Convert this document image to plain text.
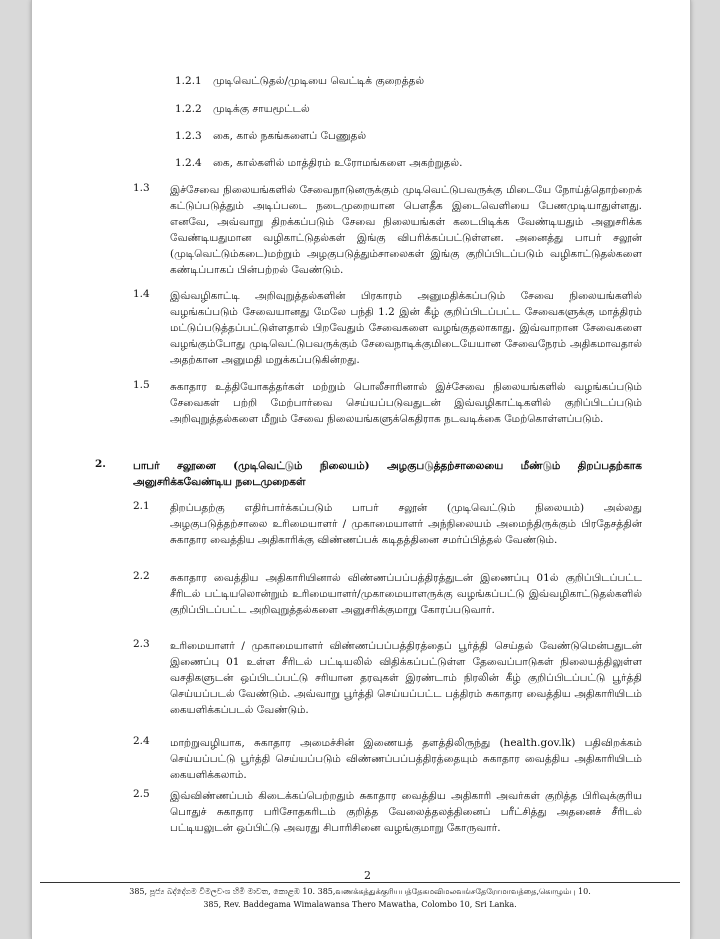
1.2.1 முடிவெட்டுதல்/முடியை வெட்டிக் குறைத்தல்
1.2.2 முடிக்கு சாயமூட்டல்
1.2.3 கை, கால் நகங்களைப் பேணுதல்
1.2.4 கை, கால்களில் மாத்திரம் உரோமங்களை அகற்றுதல்.
1.3 இச்சேவை நிலையங்களில் சேவைநாடுனருக்கும் முடிவெட்டுபவருக்கு மிடையே நோய்த்தொற்றைக் கட்டுப்படுத்தும் அடிப்படை நடைமுறையான பௌதீக இடைவெளியை பேணமுடியாதுள்ளது. எனவே, அவ்வாறு திறக்கப்படும் சேவை நிலையங்கள் கடைபிடிக்க வேண்டியதும் அனுசரிக்க வேண்டியதுமான வழிகாட்டுதல்கள் இங்கு விபரிக்கப்பட்டுள்ளன. அனைத்து பாபர் சலூன் (முடிவெட்டும்கடை)மற்றும் அழகுபடுத்தும்சாலைகள் இங்கு குறிப்பிடப்படும் வழிகாட்டுதல்களை கண்டிப்பாகப் பின்பற்றல் வேண்டும்.

1.4 இவ்வழிகாட்டி அறிவுறுத்தல்களின் பிரகாரம் அனுமதிக்கப்படும் சேவை நிலையங்களில் வழங்கப்படும் சேவையானது மேலே பந்தி 1.2 இன் கீழ் குறிப்பிடப்பட்ட சேவைகளுக்கு மாத்திரம் மட்டுப்படுத்தப்பட்டுள்ளதால் பிறவேதும் சேவைகளை வழங்குதலாகாது. இவ்வாறான சேவைகளை வழங்கும்போது முடிவெட்டுபவருக்கும் சேவைநாடிக்குமிடையேயான சேவைநேரம் அதிகமாவதால் அதற்கான அனுமதி மறுக்கப்படுகின்றது.

1.5 சுகாதார உத்தியோகத்தர்கள் மற்றும் பொலீசாரினால் இச்சேவை நிலையங்களில் வழங்கப்படும் சேவைகள் பற்றி மேற்பார்வை செய்யப்படுவதுடன் இவ்வழிகாட்டிகளில் குறிப்பிடப்படும் அறிவுறுத்தல்களை மீறும் சேவை நிலையங்களுக்கெதிராக நடவடிக்கை மேற்கொள்ளப்படும்.

2.	பாபர் சலூனை (முடிவெட்டும் நிலையம்) அழகுபடுத்தற்சாலையை மீண்டும் திறப்பதற்காக அனுசரிக்கவேண்டிய நடைமுறைகள்

2.1 திறப்பதற்கு எதிர்பார்க்கப்படும் பாபர் சலூன் (முடிவெட்டும் நிலையம்) அல்லது அழகுபடுத்தற்சாலை உரிமையாளர் / முகாமையாளர் அந்நிலையம் அமைந்திருக்கும் பிரதேசத்தின் சுகாதார வைத்திய அதிகாரிக்கு விண்ணப்பக் கடிதத்தினை சமர்ப்பித்தல் வேண்டும்.

2.2 சுகாதார வைத்திய அதிகாரியினால் விண்ணப்பப்பத்திரத்துடன் இணைப்பு 01ல் குறிப்பிடப்பட்ட சீரிடல் பட்டியலொன்றும் உரிமையாளர்/முகாமையாளருக்கு வழங்கப்பட்டு இவ்வழிகாட்டுதல்களில் குறிப்பிடப்பட்ட அறிவுறுத்தல்களை அனுசரிக்குமாறு கோரப்படுவார்.

2.3 உரிமையாளர் / முகாமையாளர் விண்ணப்பப்பத்திரத்தைப் பூர்த்தி செய்தல் வேண்டுமென்பதுடன் இணைப்பு 01 உள்ள சீரிடல் பட்டியலில் விதிக்கப்பட்டுள்ள தேவைப்பாடுகள் நிலையத்திலுள்ள வசதிகளுடன் ஒப்பிடப்பட்டு சரியான தரவுகள் இரண்டாம் நிரலின் கீழ் குறிப்பிடப்பட்டு பூர்த்தி செய்யப்படல் வேண்டும். அவ்வாறு பூர்த்தி செய்யப்பட்ட பத்திரம் சுகாதார வைத்திய அதிகாரியிடம் கையளிக்கப்படல் வேண்டும்.

2.4 மாற்றுவழியாக, சுகாதார அமைச்சின் இணையத் தளத்திலிருந்து (health.gov.lk) பதிவிறக்கம் செய்யப்பட்டு பூர்த்தி செய்யப்படும் விண்ணப்பப்பத்திரத்தையும் சுகாதார வைத்திய அதிகாரியிடம் கையளிக்கலாம்.

2.5 இவ்விண்ணப்பம் கிடைக்கப்பெற்றதும் சுகாதார வைத்திய அதிகாரி அவர்கள் குறித்த பிரிவுக்குரிய பொதுச் சுகாதார பரிசோதகரிடம் குறித்த வேலைத்தலத்தினைப் பரீட்சித்து அதனைச் சீரிடல் பட்டியலுடன் ஒப்பிட்டு அவரது சிபாரிசினை வழங்குமாறு கோருவார்.

2
385, පූජ්‍ය බද්දේගම විමලවංශ හිමි මාවත, කොළඹ 10. 385,வணக்கத்துக்குரியபத்தேகமவிமலவங்சதேரோமாவத்தை,கொழும்பு 10.
385, Rev. Baddegama Wimalawansa Thero Mawatha, Colombo 10, Sri Lanka.
